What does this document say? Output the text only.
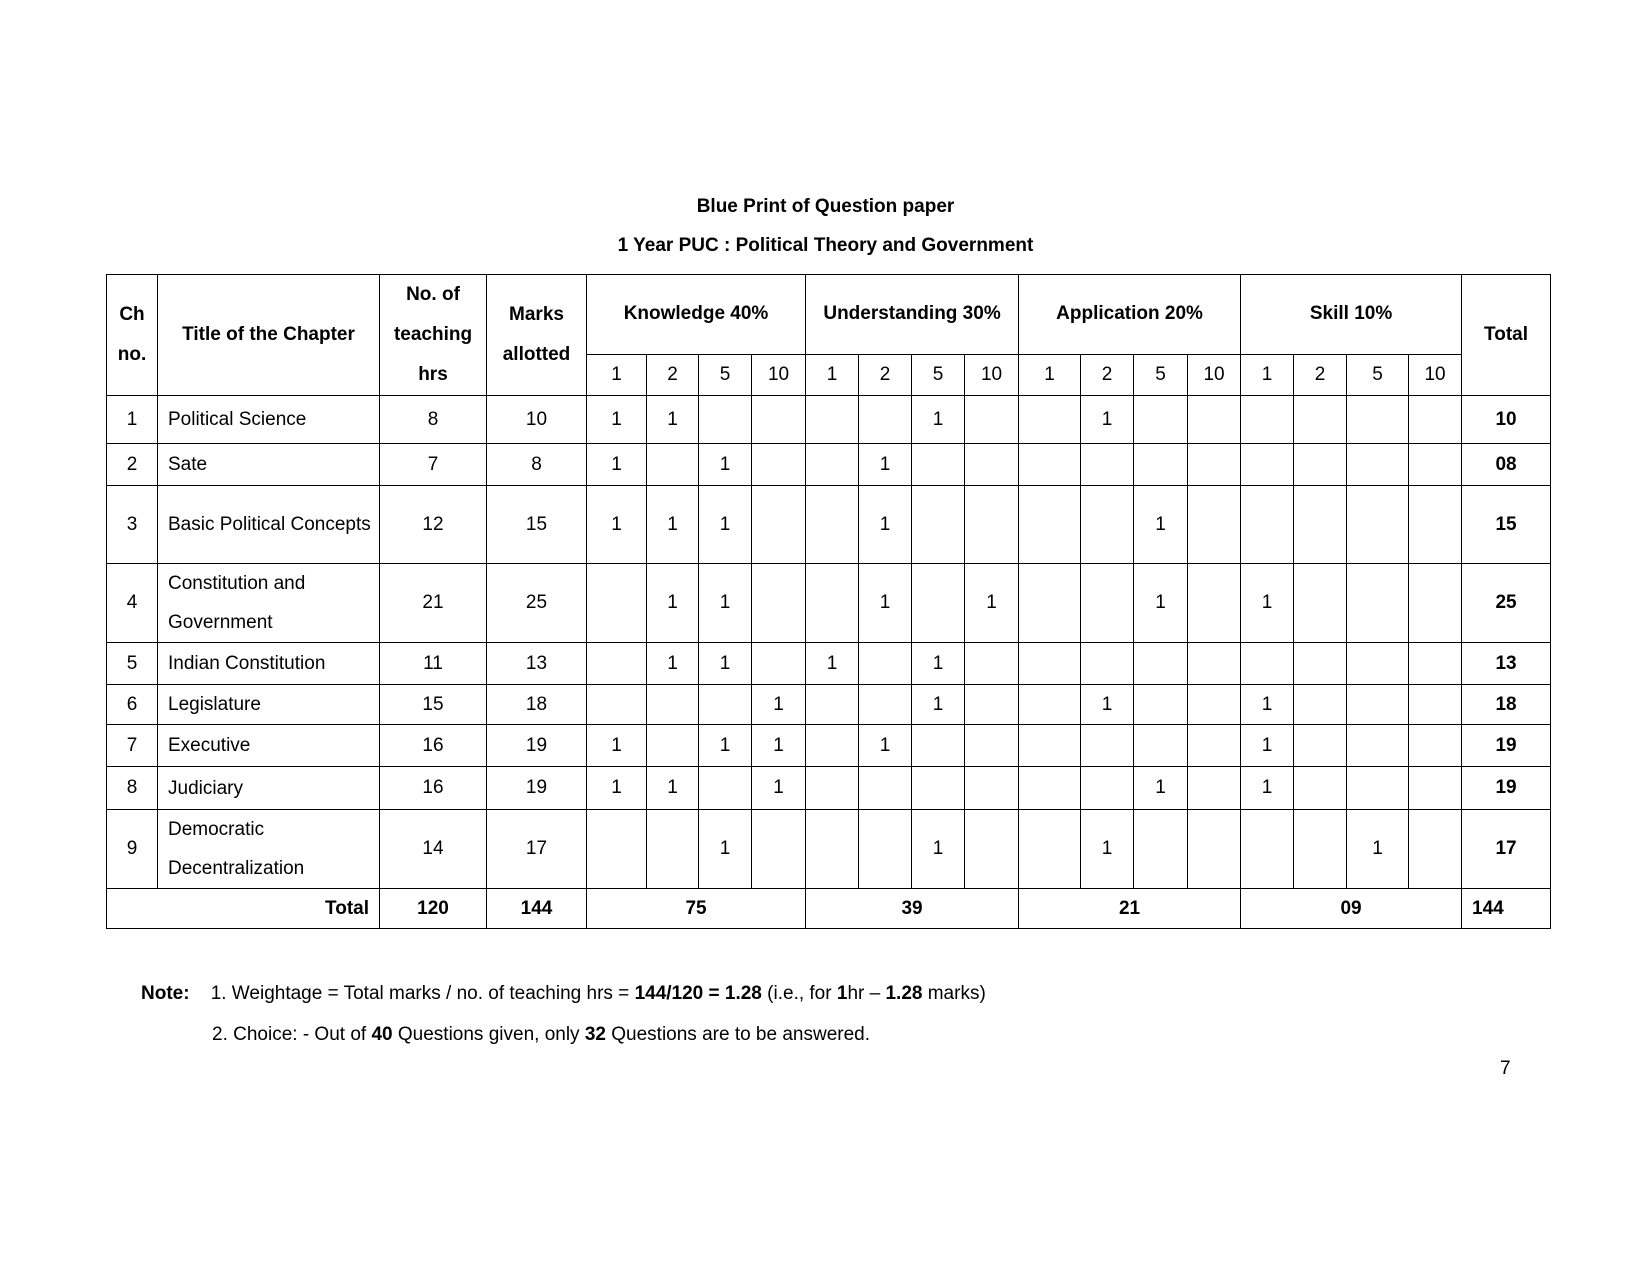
Blue Print of Question paper
1 Year PUC : Political Theory and Government
Ch no.	Title of the Chapter	No. of teaching hrs	Marks allotted	Knowledge 40%				Understanding 30%				Application 20%				Skill 10%				Total
				1	2	5	10	1	2	5	10	1	2	5	10	1	2	5	10	
1	Political Science	8	10	1	1					1			1							10
2	Sate	7	8	1		1			1											08
3	Basic Political Concepts	12	15	1	1	1			1					1						15
4	Constitution and Government	21	25		1	1			1		1			1		1				25
5	Indian Constitution	11	13		1	1		1		1										13
6	Legislature	15	18				1			1			1			1				18
7	Executive	16	19	1		1	1		1							1				19
8	Judiciary	16	19	1	1		1							1		1				19
9	Democratic Decentralization	14	17			1				1			1					1		17
Total		120	144	75				39				21				09				144
Note: 1. Weightage = Total marks / no. of teaching hrs = 144/120 = 1.28 (i.e., for 1hr – 1.28 marks)
2. Choice: - Out of 40 Questions given, only 32 Questions are to be answered.
7
